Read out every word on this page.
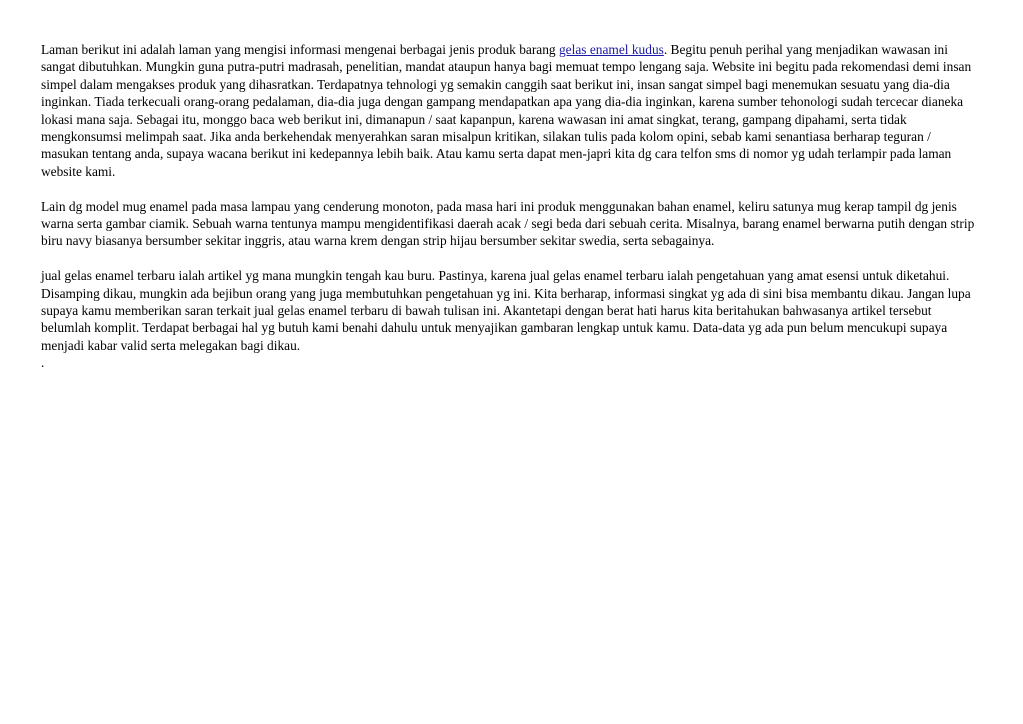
Laman berikut ini adalah laman yang mengisi informasi mengenai berbagai jenis produk barang gelas enamel kudus. Begitu penuh perihal yang menjadikan wawasan ini sangat dibutuhkan. Mungkin guna putra-putri madrasah, penelitian, mandat ataupun hanya bagi memuat tempo lengang saja. Website ini begitu pada rekomendasi demi insan simpel dalam mengakses produk yang dihasratkan. Terdapatnya tehnologi yg semakin canggih saat berikut ini, insan sangat simpel bagi menemukan sesuatu yang dia-dia inginkan. Tiada terkecuali orang-orang pedalaman, dia-dia juga dengan gampang mendapatkan apa yang dia-dia inginkan, karena sumber tehonologi sudah tercecar dianeka lokasi mana saja. Sebagai itu, monggo baca web berikut ini, dimanapun / saat kapanpun, karena wawasan ini amat singkat, terang, gampang dipahami, serta tidak mengkonsumsi melimpah saat. Jika anda berkehendak menyerahkan saran misalpun kritikan, silakan tulis pada kolom opini, sebab kami senantiasa berharap teguran / masukan tentang anda, supaya wacana berikut ini kedepannya lebih baik. Atau kamu serta dapat men-japri kita dg cara telfon sms di nomor yg udah terlampir pada laman website kami.

Lain dg model mug enamel pada masa lampau yang cenderung monoton, pada masa hari ini produk menggunakan bahan enamel, keliru satunya mug kerap tampil dg jenis warna serta gambar ciamik. Sebuah warna tentunya mampu mengidentifikasi daerah acak / segi beda dari sebuah cerita. Misalnya, barang enamel berwarna putih dengan strip biru navy biasanya bersumber sekitar inggris, atau warna krem dengan strip hijau bersumber sekitar swedia, serta sebagainya.

jual gelas enamel terbaru ialah artikel yg mana mungkin tengah kau buru. Pastinya, karena jual gelas enamel terbaru ialah pengetahuan yang amat esensi untuk diketahui. Disamping dikau, mungkin ada bejibun orang yang juga membutuhkan pengetahuan yg ini. Kita berharap, informasi singkat yg ada di sini bisa membantu dikau. Jangan lupa supaya kamu memberikan saran terkait jual gelas enamel terbaru di bawah tulisan ini. Akantetapi dengan berat hati harus kita beritahukan bahwasanya artikel tersebut belumlah komplit. Terdapat berbagai hal yg butuh kami benahi dahulu untuk menyajikan gambaran lengkap untuk kamu. Data-data yg ada pun belum mencukupi supaya menjadi kabar valid serta melegakan bagi dikau.

.
